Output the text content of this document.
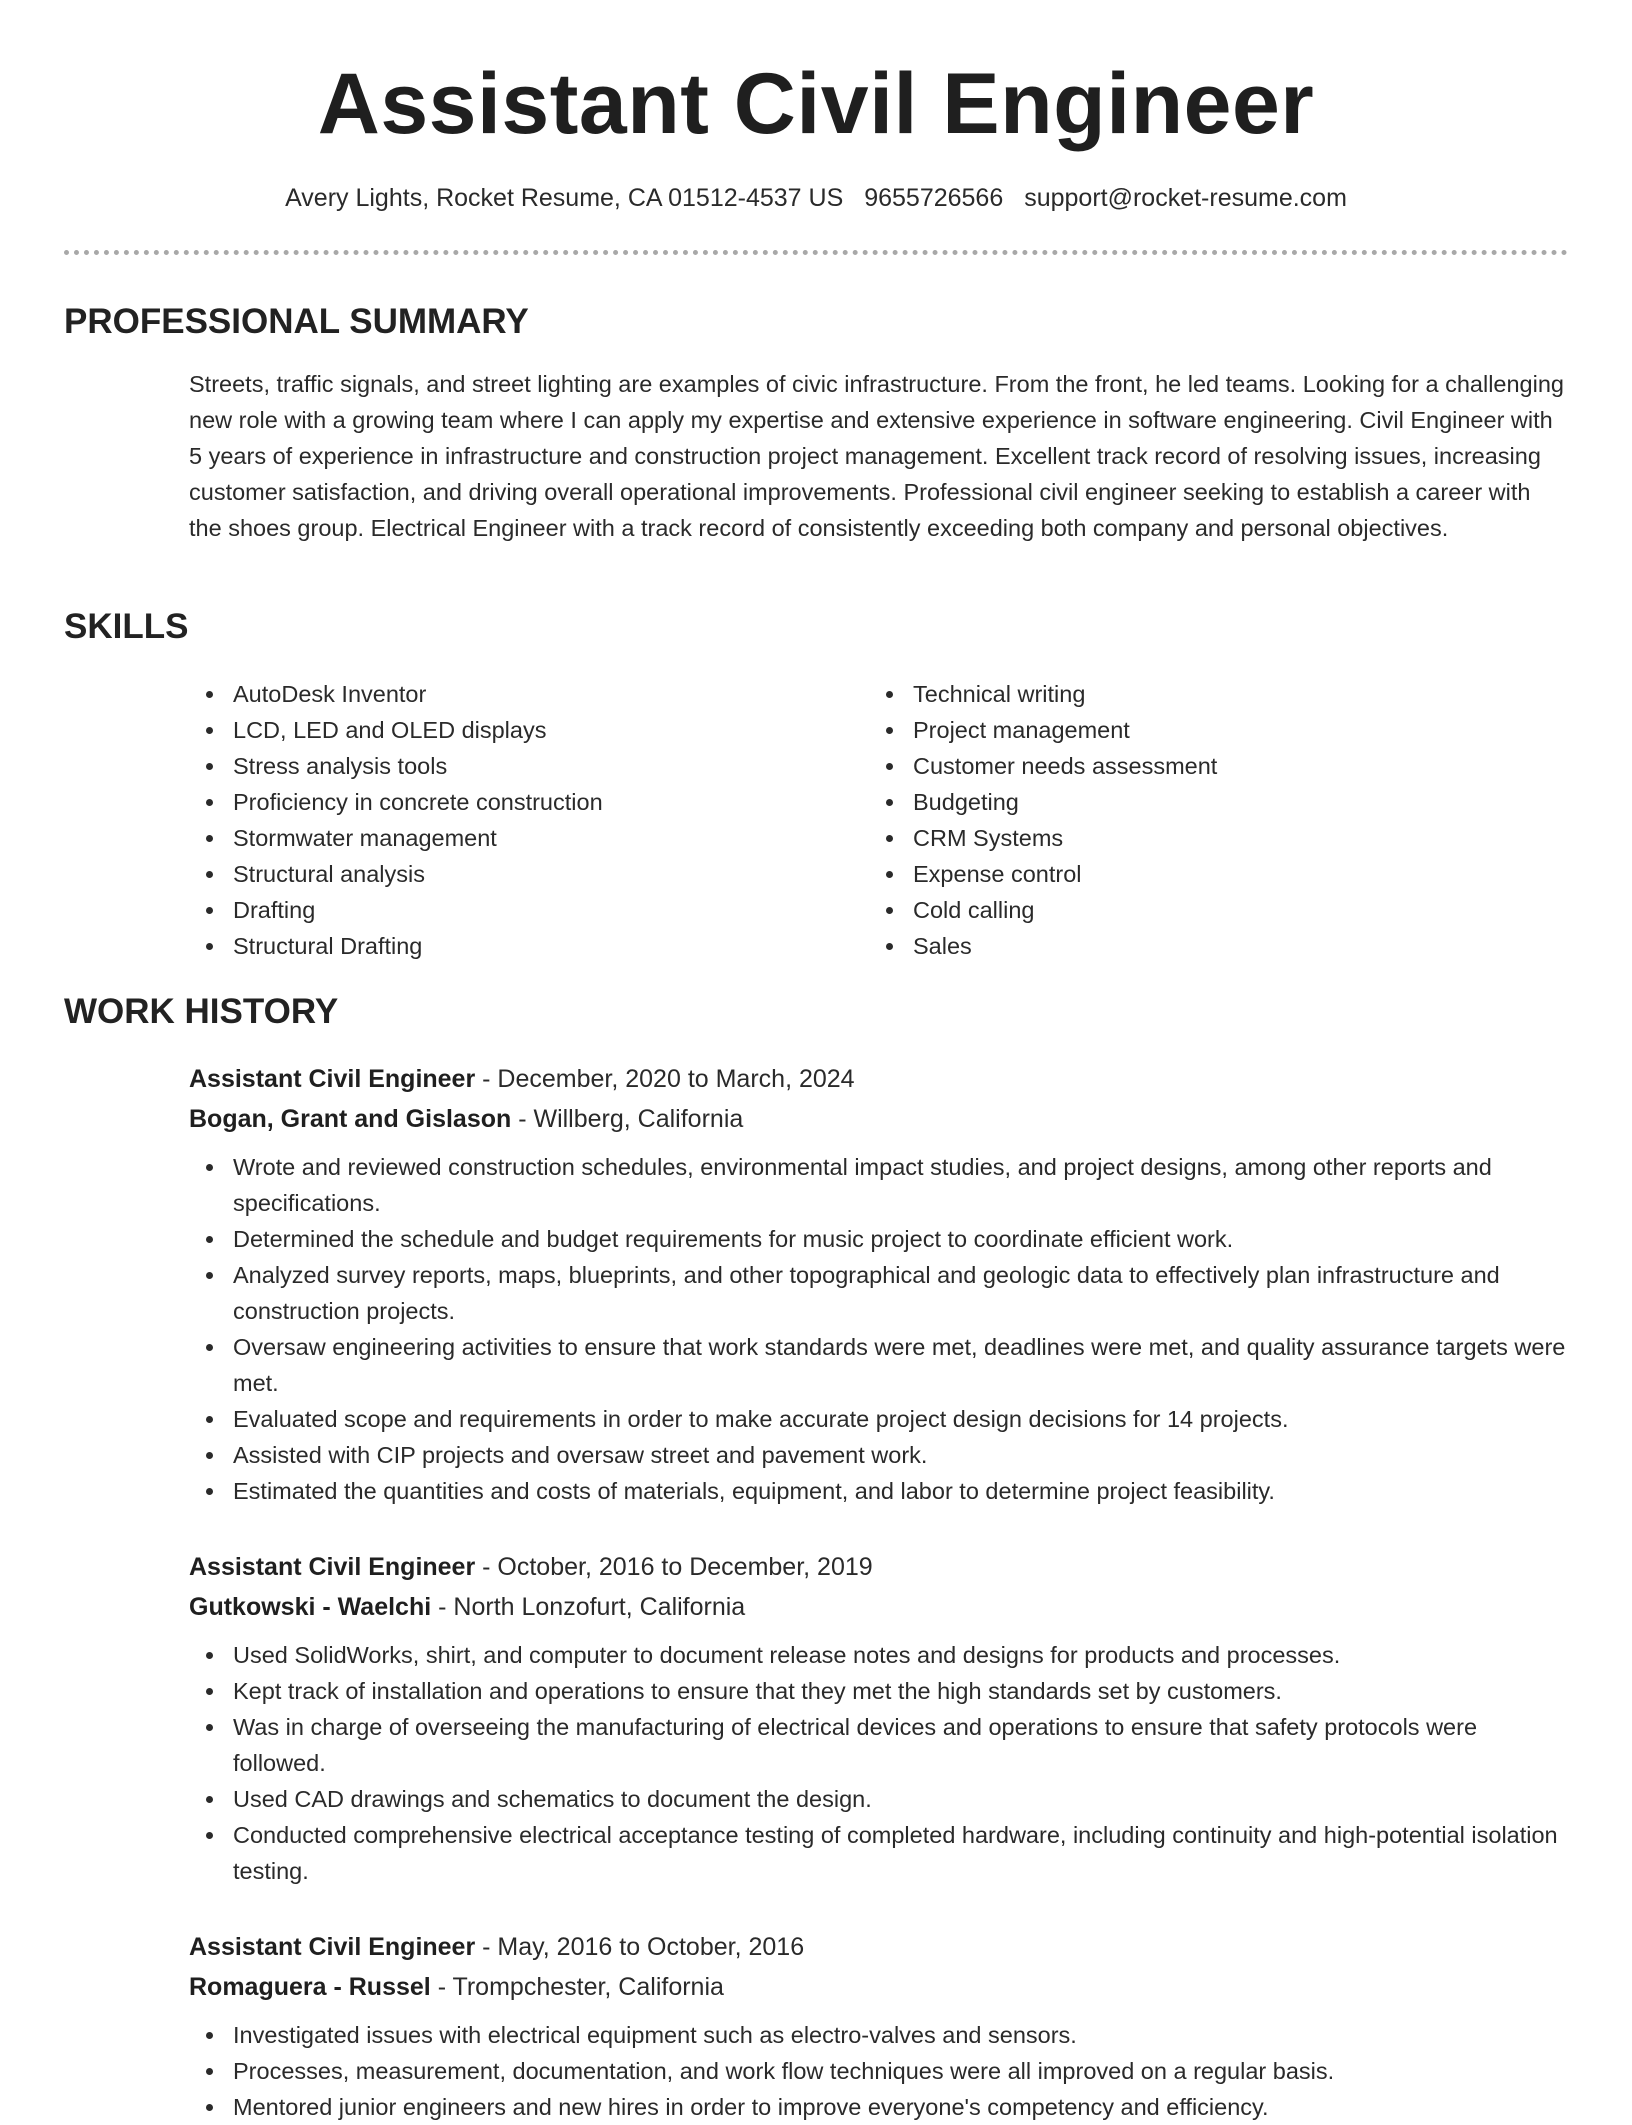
Assistant Civil Engineer
Avery Lights, Rocket Resume, CA 01512-4537 US 9655726566 support@rocket-resume.com
PROFESSIONAL SUMMARY
Streets, traffic signals, and street lighting are examples of civic infrastructure. From the front, he led teams. Looking for a challenging new role with a growing team where I can apply my expertise and extensive experience in software engineering. Civil Engineer with 5 years of experience in infrastructure and construction project management. Excellent track record of resolving issues, increasing customer satisfaction, and driving overall operational improvements. Professional civil engineer seeking to establish a career with the shoes group. Electrical Engineer with a track record of consistently exceeding both company and personal objectives.
SKILLS
AutoDesk Inventor
LCD, LED and OLED displays
Stress analysis tools
Proficiency in concrete construction
Stormwater management
Structural analysis
Drafting
Structural Drafting
Technical writing
Project management
Customer needs assessment
Budgeting
CRM Systems
Expense control
Cold calling
Sales
WORK HISTORY
Assistant Civil Engineer - December, 2020 to March, 2024
Bogan, Grant and Gislason - Willberg, California
Wrote and reviewed construction schedules, environmental impact studies, and project designs, among other reports and specifications.
Determined the schedule and budget requirements for music project to coordinate efficient work.
Analyzed survey reports, maps, blueprints, and other topographical and geologic data to effectively plan infrastructure and construction projects.
Oversaw engineering activities to ensure that work standards were met, deadlines were met, and quality assurance targets were met.
Evaluated scope and requirements in order to make accurate project design decisions for 14 projects.
Assisted with CIP projects and oversaw street and pavement work.
Estimated the quantities and costs of materials, equipment, and labor to determine project feasibility.
Assistant Civil Engineer - October, 2016 to December, 2019
Gutkowski - Waelchi - North Lonzofurt, California
Used SolidWorks, shirt, and computer to document release notes and designs for products and processes.
Kept track of installation and operations to ensure that they met the high standards set by customers.
Was in charge of overseeing the manufacturing of electrical devices and operations to ensure that safety protocols were followed.
Used CAD drawings and schematics to document the design.
Conducted comprehensive electrical acceptance testing of completed hardware, including continuity and high-potential isolation testing.
Assistant Civil Engineer - May, 2016 to October, 2016
Romaguera - Russel - Trompchester, California
Investigated issues with electrical equipment such as electro-valves and sensors.
Processes, measurement, documentation, and work flow techniques were all improved on a regular basis.
Mentored junior engineers and new hires in order to improve everyone's competency and efficiency.
